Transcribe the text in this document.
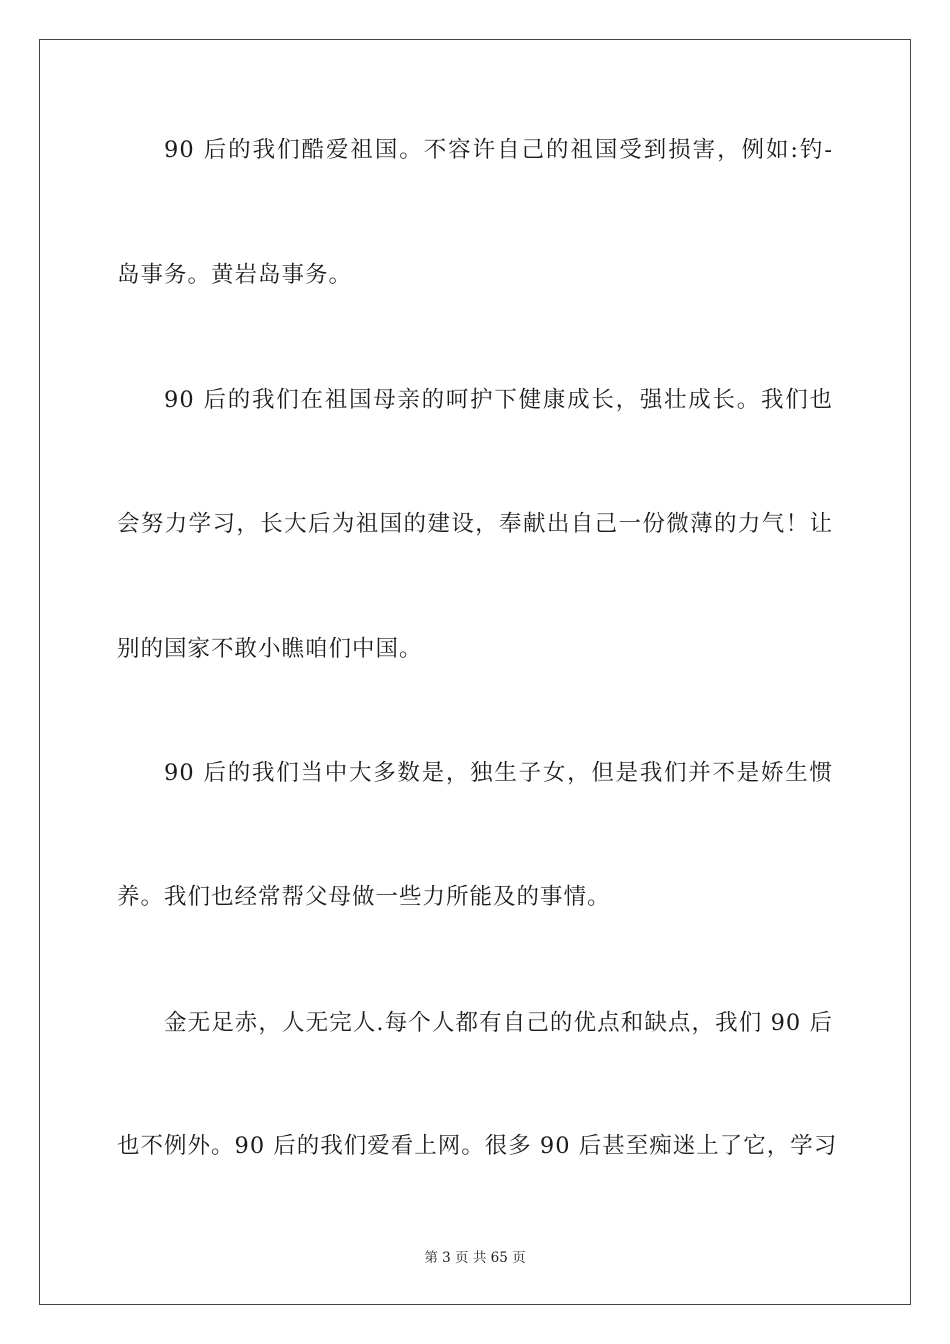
90 后的我们酷爱祖国。不容许自己的祖国受到损害，例如:钓-
岛事务。黄岩岛事务。
90 后的我们在祖国母亲的呵护下健康成长，强壮成长。我们也
会努力学习，长大后为祖国的建设，奉献出自己一份微薄的力气！让
别的国家不敢小瞧咱们中国。
90 后的我们当中大多数是，独生子女，但是我们并不是娇生惯
养。我们也经常帮父母做一些力所能及的事情。
金无足赤，人无完人.每个人都有自己的优点和缺点，我们 90 后
也不例外。90 后的我们爱看上网。很多 90 后甚至痴迷上了它，学习
第 3 页 共 65 页
